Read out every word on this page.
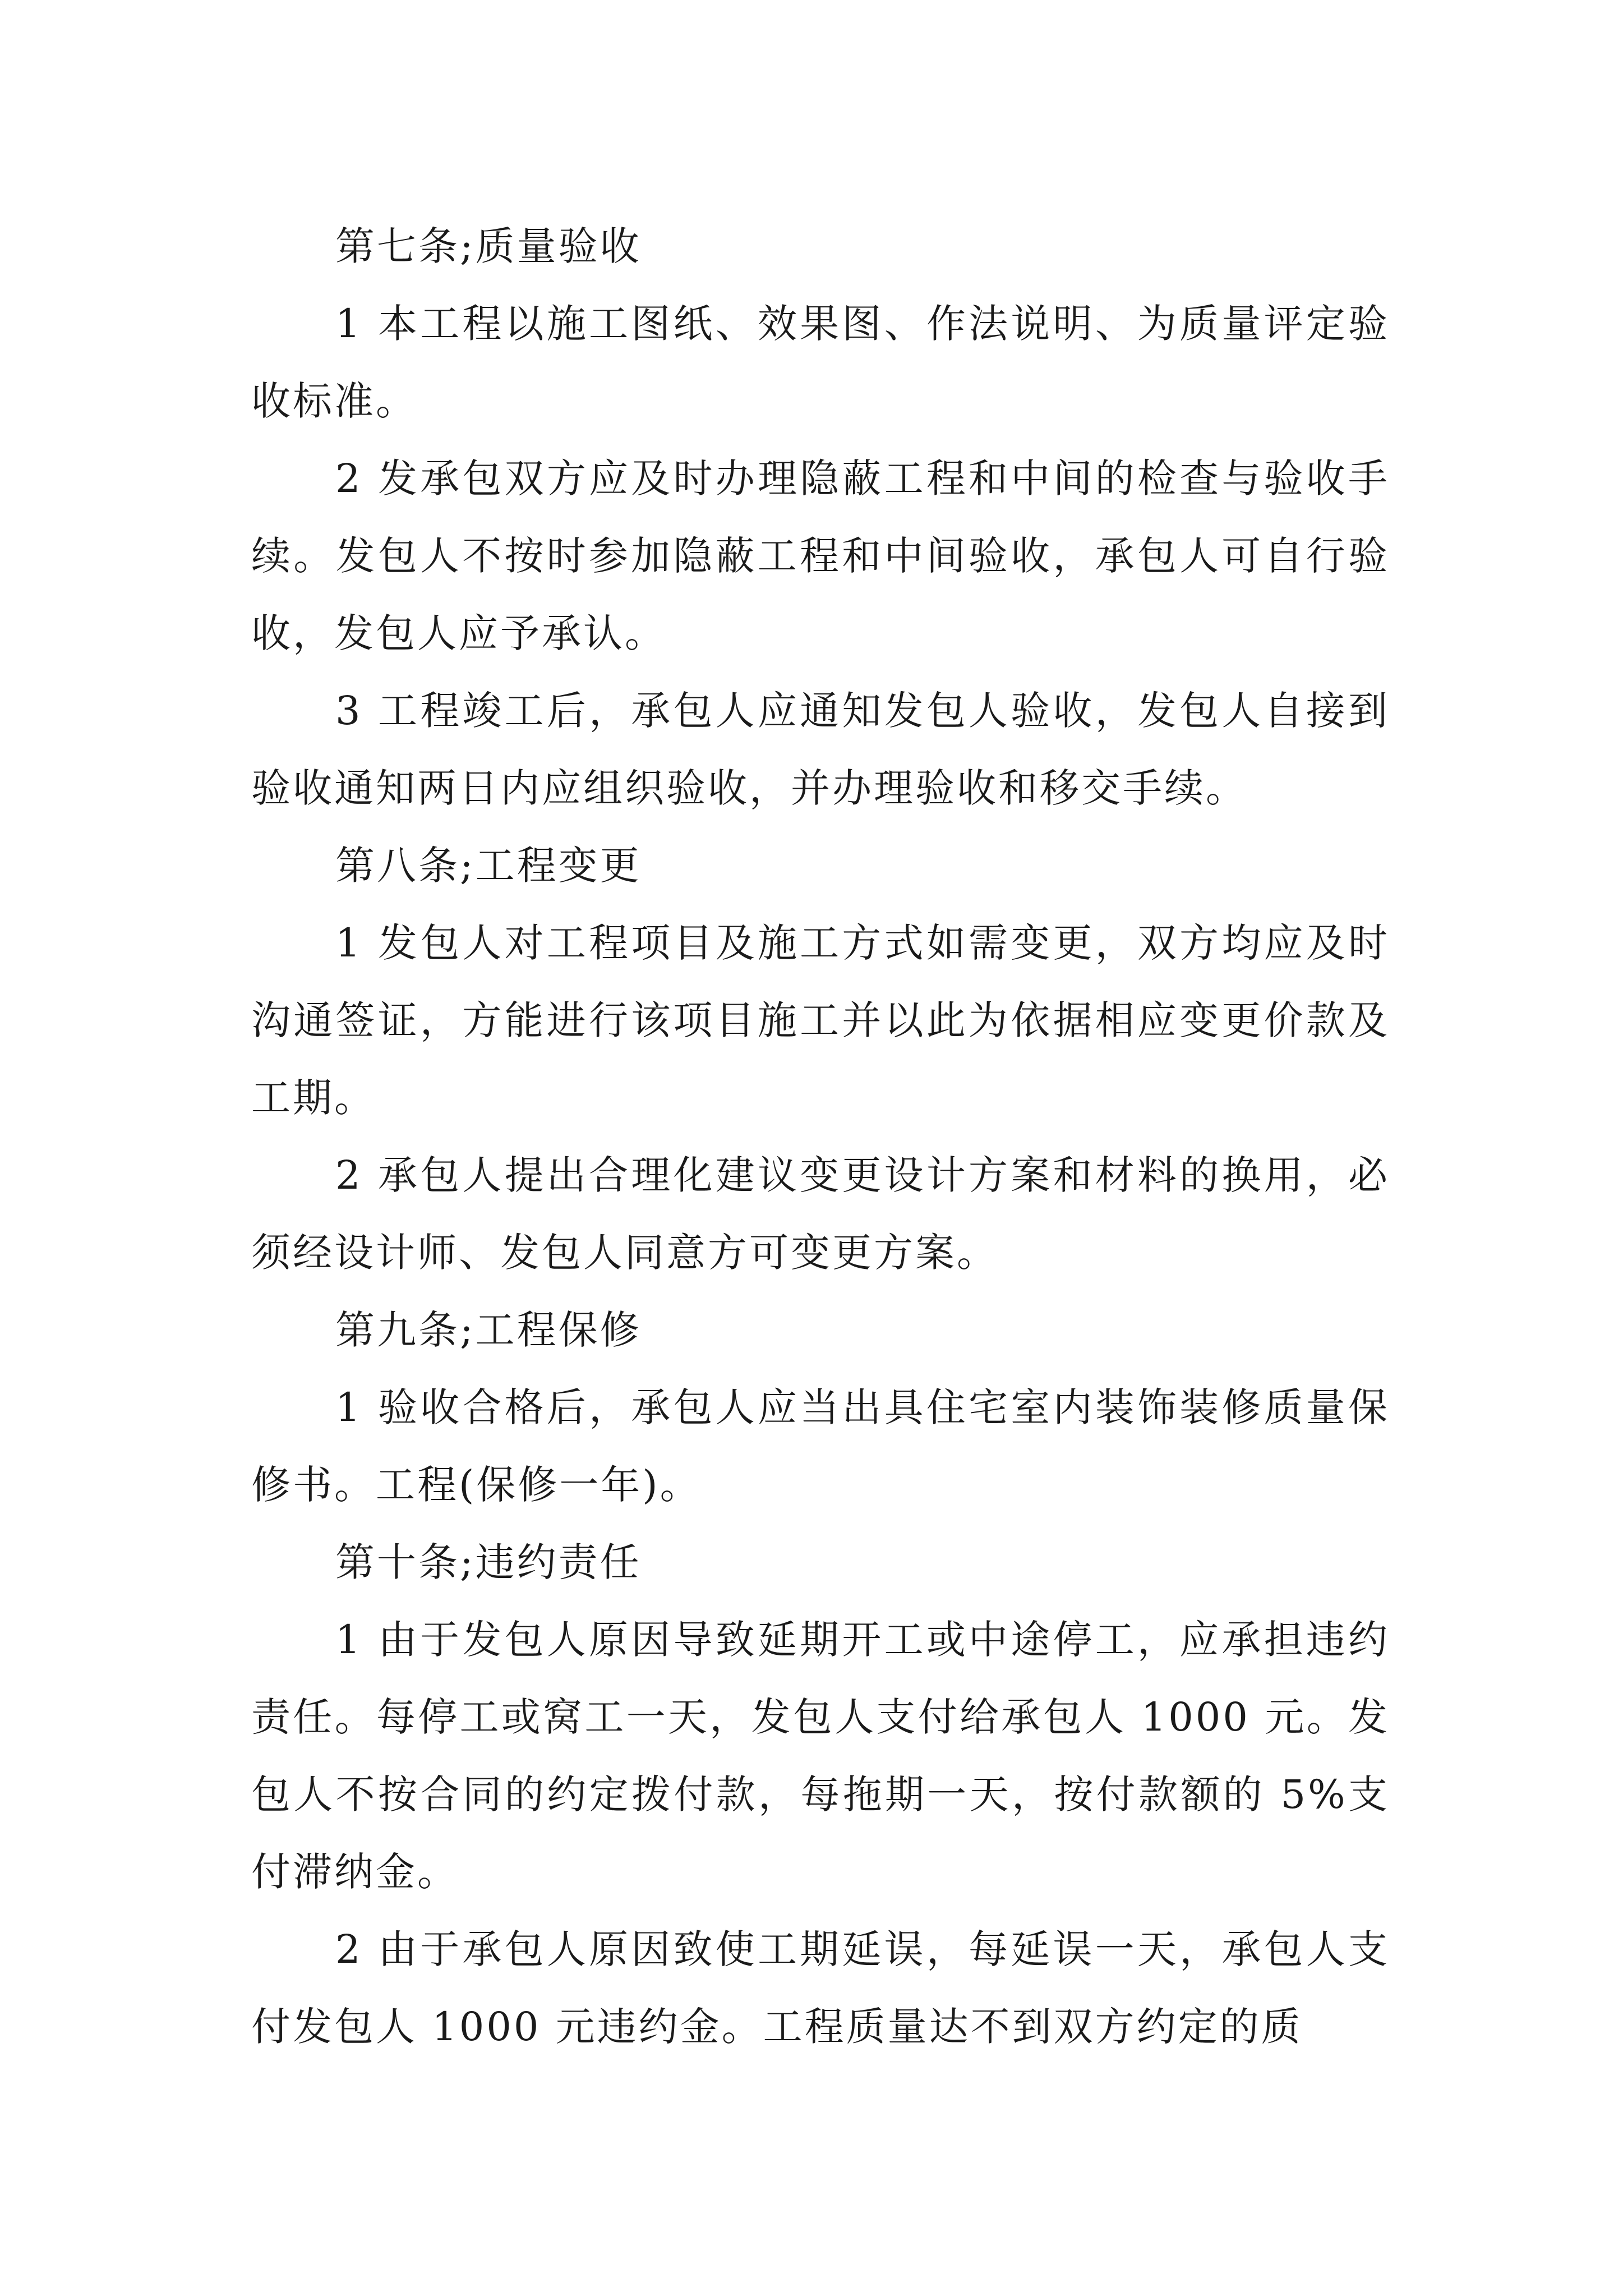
第七条;质量验收

1 本工程以施工图纸、效果图、作法说明、为质量评定验收标准。

2 发承包双方应及时办理隐蔽工程和中间的检查与验收手续。发包人不按时参加隐蔽工程和中间验收，承包人可自行验收，发包人应予承认。

3 工程竣工后，承包人应通知发包人验收，发包人自接到验收通知两日内应组织验收，并办理验收和移交手续。

第八条;工程变更

1 发包人对工程项目及施工方式如需变更，双方均应及时沟通签证，方能进行该项目施工并以此为依据相应变更价款及工期。

2 承包人提出合理化建议变更设计方案和材料的换用，必须经设计师、发包人同意方可变更方案。

第九条;工程保修

1 验收合格后，承包人应当出具住宅室内装饰装修质量保修书。工程(保修一年)。

第十条;违约责任

1 由于发包人原因导致延期开工或中途停工，应承担违约责任。每停工或窝工一天，发包人支付给承包人 1000 元。发包人不按合同的约定拨付款，每拖期一天，按付款额的 5%支付滞纳金。

2 由于承包人原因致使工期延误，每延误一天，承包人支付发包人 1000 元违约金。工程质量达不到双方约定的质
